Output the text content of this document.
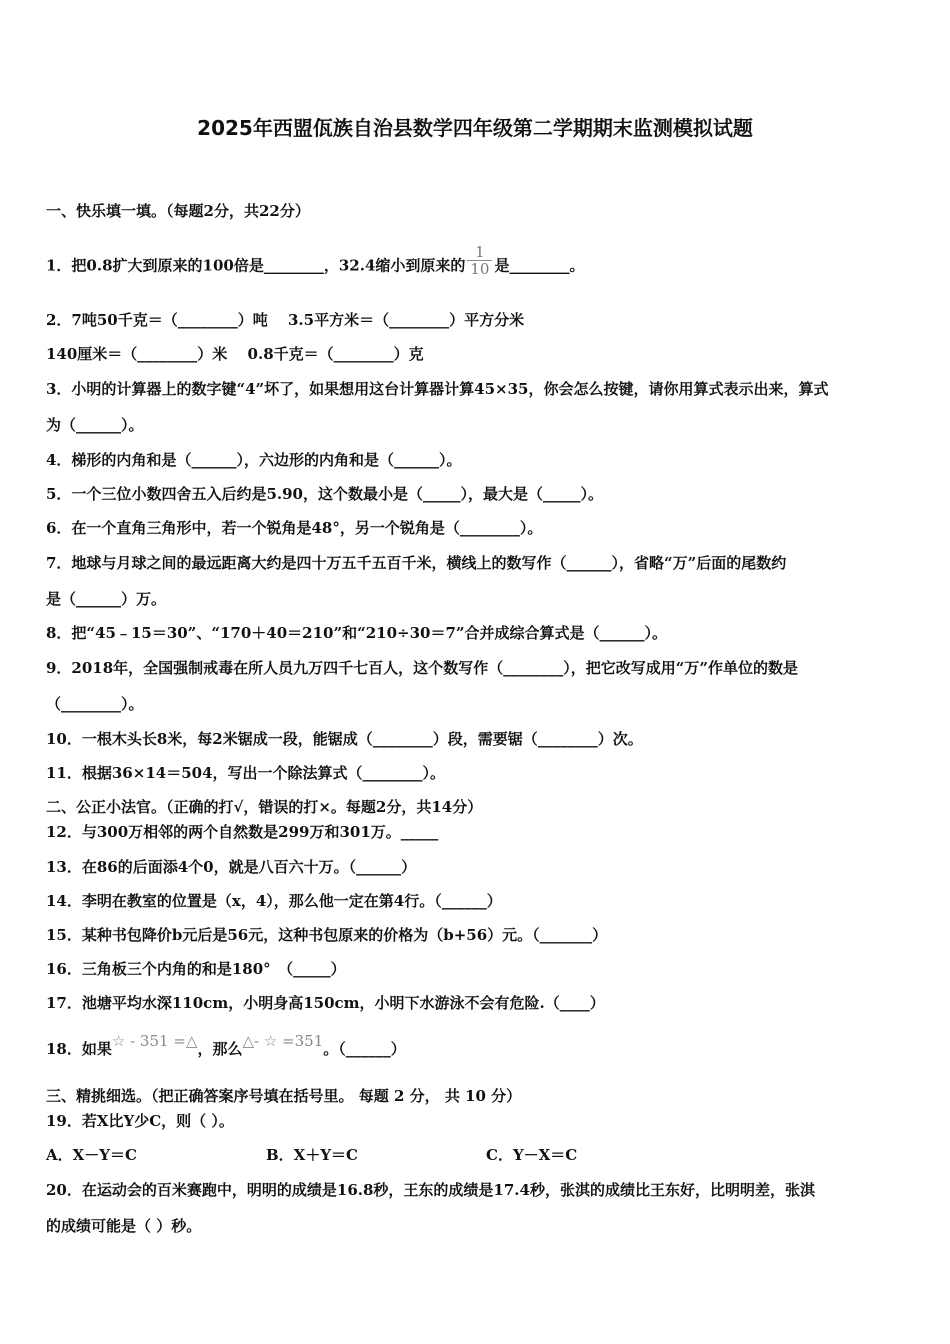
2025年西盟佤族自治县数学四年级第二学期期末监测模拟试题
一、快乐填一填。（每题2分，共22分）
1．把0.8扩大到原来的100倍是________，32.4缩小到原来的 $\frac{1}{10}$ 是________。
2．7吨50千克＝（________）吨　 3.5平方米＝（________）平方分米
140厘米＝（________）米　 0.8千克＝（________）克
3．小明的计算器上的数字键“4”坏了，如果想用这台计算器计算45×35，你会怎么按键，请你用算式表示出来，算式
为（______）。
4．梯形的内角和是（______），六边形的内角和是（______）。
5．一个三位小数四舍五入后约是5.90，这个数最小是（_____），最大是（_____）。
6．在一个直角三角形中，若一个锐角是48°，另一个锐角是（________）。
7．地球与月球之间的最远距离大约是四十万五千五百千米，横线上的数写作（______），省略“万”后面的尾数约
是（______）万。
8．把“45﹣15＝30”、“170＋40＝210”和“210÷30＝7”合并成综合算式是（______）。
9．2018年，全国强制戒毒在所人员九万四千七百人，这个数写作（________），把它改写成用“万”作单位的数是
（________）。
10．一根木头长8米，每2米锯成一段，能锯成（________）段，需要锯（________）次。
11．根据36×14＝504，写出一个除法算式（________）。
二、公正小法官。（正确的打√，错误的打×。每题2分，共14分）
12．与300万相邻的两个自然数是299万和301万。_____
13．在86的后面添4个0，就是八百六十万。（______）
14．李明在教室的位置是（x，4），那么他一定在第4行。（______）
15．某种书包降价b元后是56元，这种书包原来的价格为（b+56）元。（_______）
16．三角板三个内角的和是180°　（_____）
17．池塘平均水深110cm，小明身高150cm，小明下水游泳不会有危险.（____）
18．如果☆ - 351 =△，那么△- ☆ =351。（______）
三、精挑细选。（把正确答案序号填在括号里。 每题 2 分， 共 10 分）
19．若X比Y少C，则（ ）。
A．X－Y＝C	B．X＋Y＝C	C．Y－X＝C
20．在运动会的百米赛跑中，明明的成绩是16.8秒，王东的成绩是17.4秒，张淇的成绩比王东好，比明明差，张淇
的成绩可能是（ ）秒。
